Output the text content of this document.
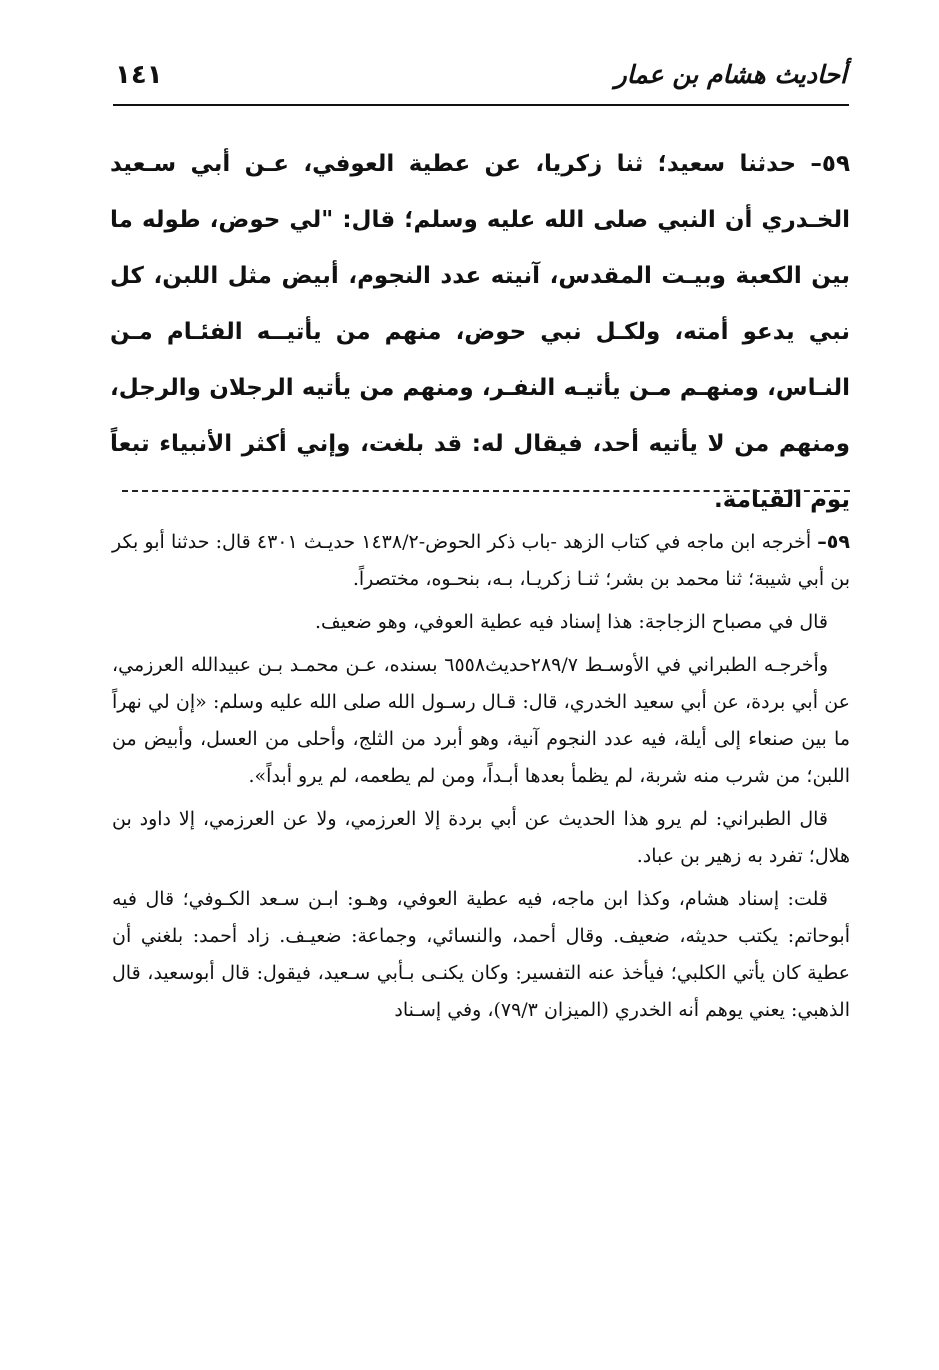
أحاديث هشام بن عمار
١٤١
٥٩– حدثنا سعيد؛ ثنا زكريا، عن عطية العوفي، عـن أبي سـعيد الخـدري أن النبي صلى الله عليه وسلم؛ قال: "لي حوض، طوله ما بين الكعبة وبيـت المقدس، آنيته عدد النجوم، أبيض مثل اللبن، كل نبي يدعو أمته، ولكـل نبي حوض، منهم من يأتيــه الفئـام مـن النـاس، ومنهـم مـن يأتيـه النفـر، ومنهم من يأتيه الرجلان والرجل، ومنهم من لا يأتيه أحد، فيقال له: قد بلغت، وإني أكثر الأنبياء تبعاً يوم القيامة.

٥٩– أخرجه ابن ماجه في كتاب الزهد -باب ذكر الحوض-١٤٣٨/٢ حديـث ٤٣٠١ قال: حدثنا أبو بكر بن أبي شيبة؛ ثنا محمد بن بشر؛ ثنـا زكريـا، بـه، بنحـوه، مختصراً.

قال في مصباح الزجاجة: هذا إسناد فيه عطية العوفي، وهو ضعيف.

وأخرجـه الطبراني في الأوسـط ٢٨٩/٧حديث٦٥٥٨ بسنده، عـن محمـد بـن عبيدالله العرزمي، عن أبي بردة، عن أبي سعيد الخدري، قال: قـال رسـول الله صلى الله عليه وسلم: «إن لي نهراً ما بين صنعاء إلى أيلة، فيه عدد النجوم آنية، وهو أبرد من الثلج، وأحلى من العسل، وأبيض من اللبن؛ من شرب منه شربة، لم يظمأ بعدها أبـداً، ومن لم يطعمه، لم يرو أبداً».

قال الطبراني: لم يرو هذا الحديث عن أبي بردة إلا العرزمي، ولا عن العرزمي، إلا داود بن هلال؛ تفرد به زهير بن عباد.

قلت: إسناد هشام، وكذا ابن ماجه، فيه عطية العوفي، وهـو: ابـن سـعد الكـوفي؛ قال فيه أبوحاتم: يكتب حديثه، ضعيف. وقال أحمد، والنسائي، وجماعة: ضعيـف. زاد أحمد: بلغني أن عطية كان يأتي الكلبي؛ فيأخذ عنه التفسير: وكان يكنـى بـأبي سـعيد، فيقول: قال أبوسعيد، قال الذهبي: يعني يوهم أنه الخدري (الميزان ٧٩/٣)، وفي إسـناد
